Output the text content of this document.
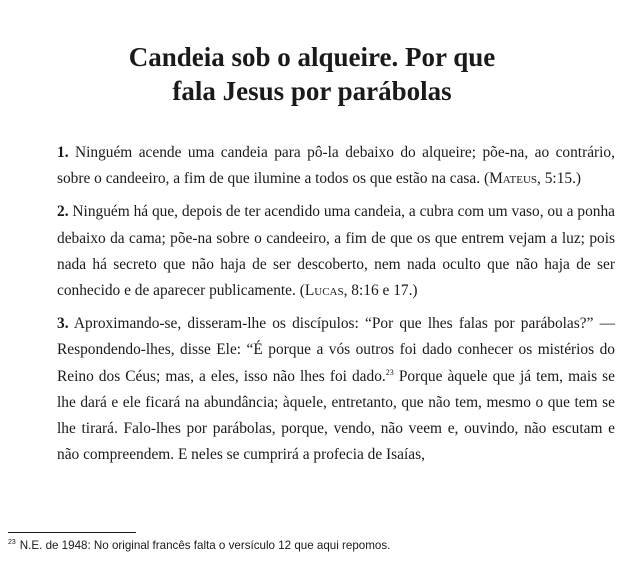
Candeia sob o alqueire. Por que
fala Jesus por parábolas

1. Ninguém acende uma candeia para pô-la debaixo do alqueire; põe-na, ao contrário, sobre o candeeiro, a fim de que ilumine a todos os que estão na casa. (Mateus, 5:15.)

2. Ninguém há que, depois de ter acendido uma candeia, a cubra com um vaso, ou a ponha debaixo da cama; põe-na sobre o candeeiro, a fim de que os que entrem vejam a luz; pois nada há secreto que não haja de ser descoberto, nem nada oculto que não haja de ser conhecido e de aparecer publicamente. (Lucas, 8:16 e 17.)

3. Aproximando-se, disseram-lhe os discípulos: “Por que lhes falas por parábolas?” — Respondendo-lhes, disse Ele: “É porque a vós outros foi dado conhecer os mistérios do Reino dos Céus; mas, a eles, isso não lhes foi dado.$^{23}$ Porque àquele que já tem, mais se lhe dará e ele ficará na abundância; àquele, entretanto, que não tem, mesmo o que tem se lhe tirará. Falo-lhes por parábolas, porque, vendo, não veem e, ouvindo, não escutam e não compreendem. E neles se cumprirá a profecia de Isaías,

$^{23}$ N.E. de 1948: No original francês falta o versículo 12 que aqui repomos.
